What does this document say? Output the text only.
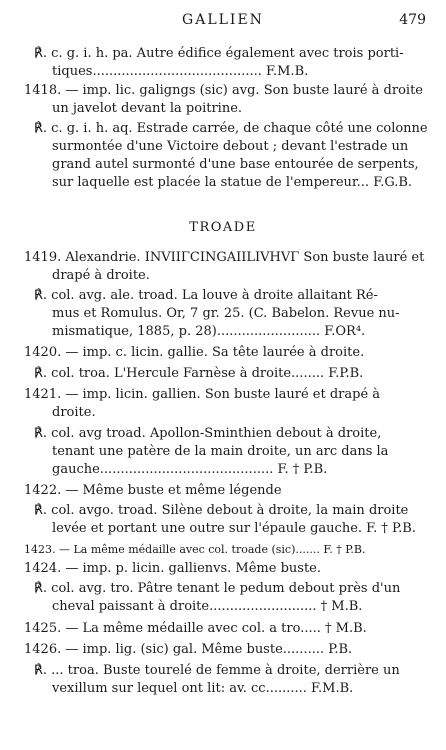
GALLIEN	479
℟. c. g. i. h. pa. Autre édifice également avec trois porti-
tiques......................................... F.M.B.
1418. — imp. lic. galigngs (sic) avg. Son buste lauré à droite
un javelot devant la poitrine.
℟. c. g. i. h. aq. Estrade carrée, de chaque côté une colonne
surmontée d'une Victoire debout ; devant l'estrade un
grand autel surmonté d'une base entourée de serpents,
sur laquelle est placée la statue de l'empereur... F.G.B.
TROADE
1419. Alexandrie. IΝVΙΙΓCΙΝGΑΙΙLΙVΗVΓ Son buste lauré et
drapé à droite.
℟. col. avg. ale. troad. La louve à droite allaitant Ré-
mus et Romulus. Or, 7 gr. 25. (C. Babelon. Revue nu-
mismatique, 1885, p. 28)......................... F.OR⁴.
1420. — imp. c. licin. gallie. Sa tête laurée à droite.
℟. col. troa. L'Hercule Farnèse à droite........ F.P.B.
1421. — imp. licin. gallien. Son buste lauré et drapé à
droite.
℟. col. avg troad. Apollon-Sminthien debout à droite,
tenant une patère de la main droite, un arc dans la
gauche.......................................... F. † P.B.
1422. — Même buste et même légende
℟. col. avgo. troad. Silène debout à droite, la main droite
levée et portant une outre sur l'épaule gauche. F. † P.B.
1423. — La même médaille avec col. troade (sic)....... F. † P.B.
1424. — imp. p. licin. gallienvs. Même buste.
℟. col. avg. tro. Pâtre tenant le pedum debout près d'un
cheval paissant à droite.......................... † M.B.
1425. — La même médaille avec col. a tro..... † M.B.
1426. — imp. lig. (sic) gal. Même buste.......... P.B.
℟. ... troa. Buste tourelé de femme à droite, derrière un
vexillum sur lequel ont lit: av. cc.......... F.M.B.
